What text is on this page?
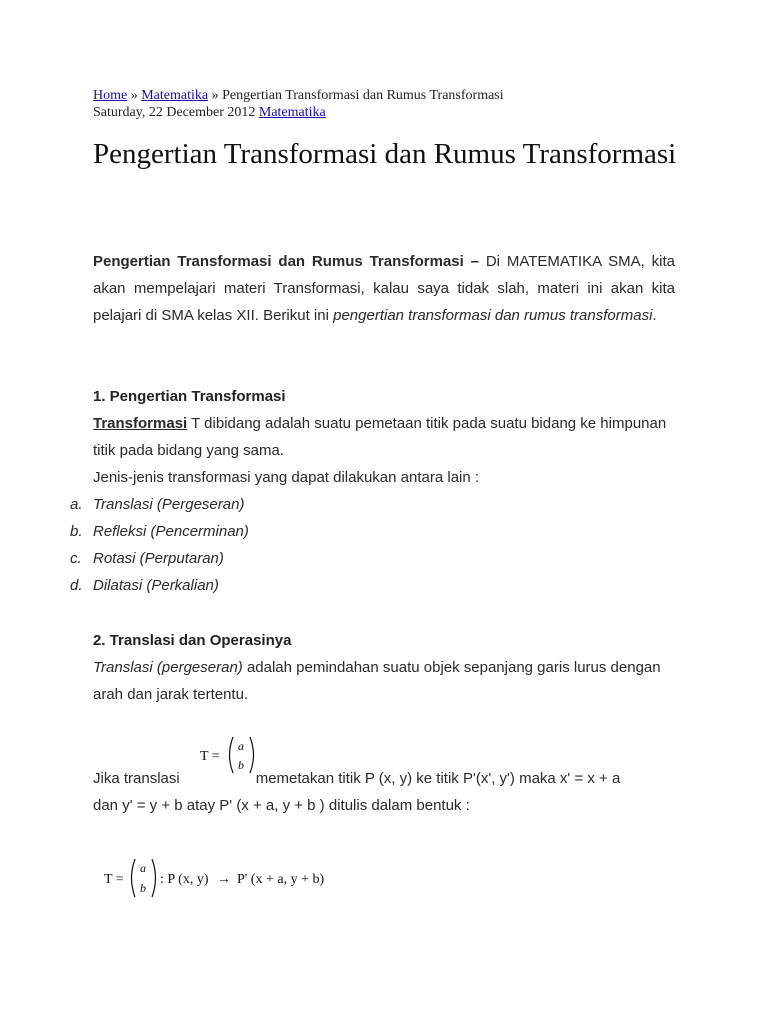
Home » Matematika » Pengertian Transformasi dan Rumus Transformasi
Saturday, 22 December 2012 Matematika
Pengertian Transformasi dan Rumus Transformasi
Pengertian Transformasi dan Rumus Transformasi – Di MATEMATIKA SMA, kita akan mempelajari materi Transformasi, kalau saya tidak slah, materi ini akan kita pelajari di SMA kelas XII. Berikut ini pengertian transformasi dan rumus transformasi.
1. Pengertian Transformasi
Transformasi T dibidang adalah suatu pemetaan titik pada suatu bidang ke himpunan titik pada bidang yang sama.
Jenis-jenis transformasi yang dapat dilakukan antara lain :
a. Translasi (Pergeseran)
b. Refleksi (Pencerminan)
c. Rotasi (Perputaran)
d. Dilatasi (Perkalian)
2. Translasi dan Operasinya
Translasi (pergeseran) adalah pemindahan suatu objek sepanjang garis lurus dengan arah dan jarak tertentu.
T =
a
b
Jika translasi	memetakan titik P (x, y) ke titik P'(x', y') maka x' = x + a
dan y' = y + b atay P' (x + a, y + b ) ditulis dalam bentuk :
T =
a
b
: P (x, y) → P' (x + a, y + b)
